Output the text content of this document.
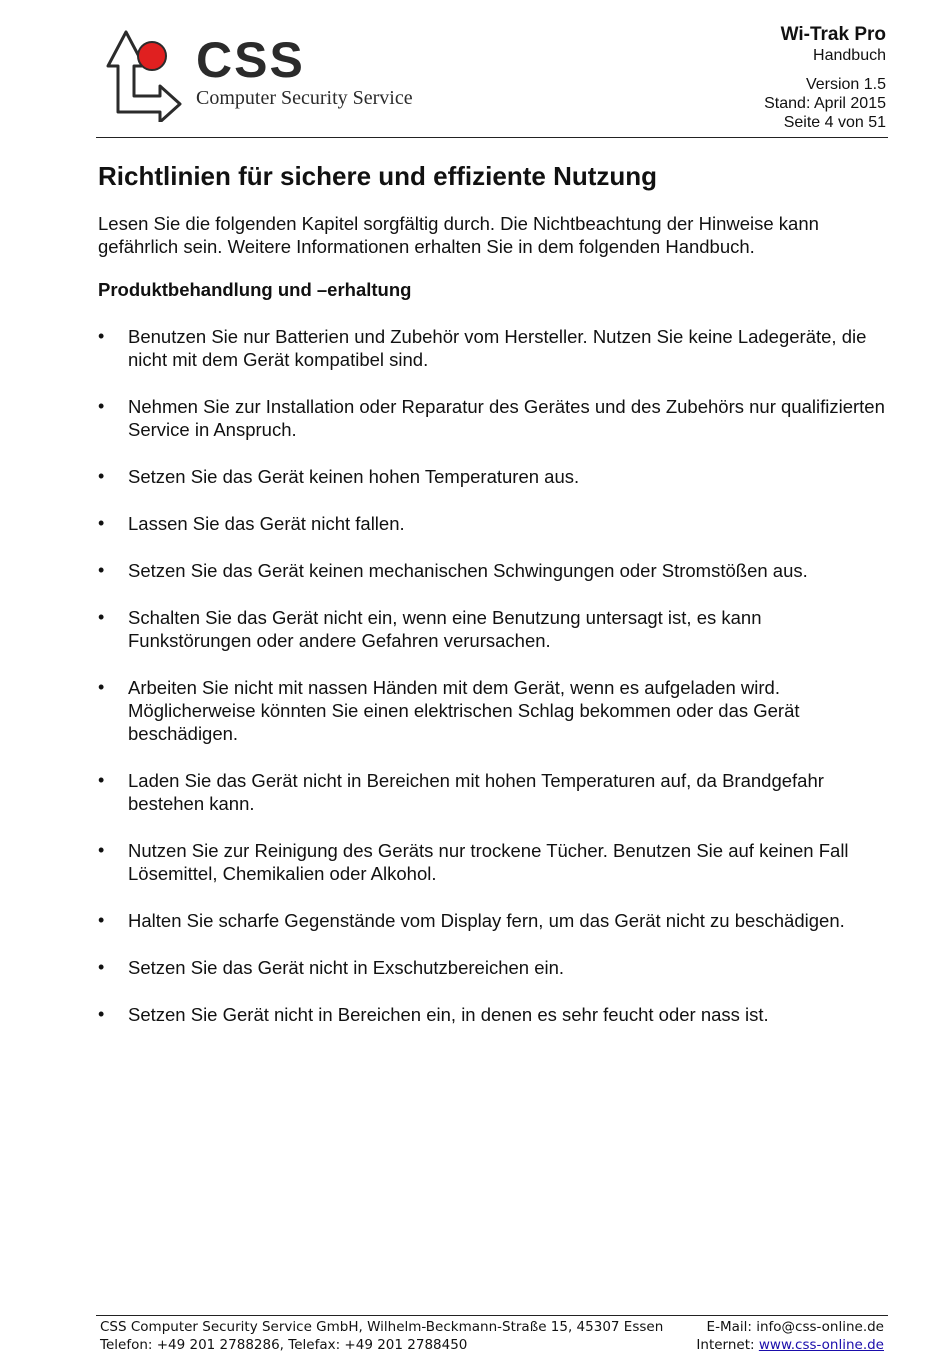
CSS
Computer Security Service
Wi-Trak Pro
Handbuch
Version 1.5
Stand: April 2015
Seite 4 von 51
Richtlinien für sichere und effiziente Nutzung

Lesen Sie die folgenden Kapitel sorgfältig durch. Die Nichtbeachtung der Hinweise kann gefährlich sein. Weitere Informationen erhalten Sie in dem folgenden Handbuch.

Produktbehandlung und –erhaltung
• Benutzen Sie nur Batterien und Zubehör vom Hersteller. Nutzen Sie keine Ladegeräte, die nicht mit dem Gerät kompatibel sind.
• Nehmen Sie zur Installation oder Reparatur des Gerätes und des Zubehörs nur qualifizierten Service in Anspruch.
• Setzen Sie das Gerät keinen hohen Temperaturen aus.
• Lassen Sie das Gerät nicht fallen.
• Setzen Sie das Gerät keinen mechanischen Schwingungen oder Stromstößen aus.
• Schalten Sie das Gerät nicht ein, wenn eine Benutzung untersagt ist, es kann Funkstörungen oder andere Gefahren verursachen.
• Arbeiten Sie nicht mit nassen Händen mit dem Gerät, wenn es aufgeladen wird. Möglicherweise könnten Sie einen elektrischen Schlag bekommen oder das Gerät beschädigen.
• Laden Sie das Gerät nicht in Bereichen mit hohen Temperaturen auf, da Brandgefahr bestehen kann.
• Nutzen Sie zur Reinigung des Geräts nur trockene Tücher. Benutzen Sie auf keinen Fall Lösemittel, Chemikalien oder Alkohol.
• Halten Sie scharfe Gegenstände vom Display fern, um das Gerät nicht zu beschädigen.
• Setzen Sie das Gerät nicht in Exschutzbereichen ein.
• Setzen Sie Gerät nicht in Bereichen ein, in denen es sehr feucht oder nass ist.
CSS Computer Security Service GmbH, Wilhelm-Beckmann-Straße 15, 45307 Essen
Telefon: +49 201 2788286, Telefax: +49 201 2788450
E-Mail: info@css-online.de
Internet: www.css-online.de
